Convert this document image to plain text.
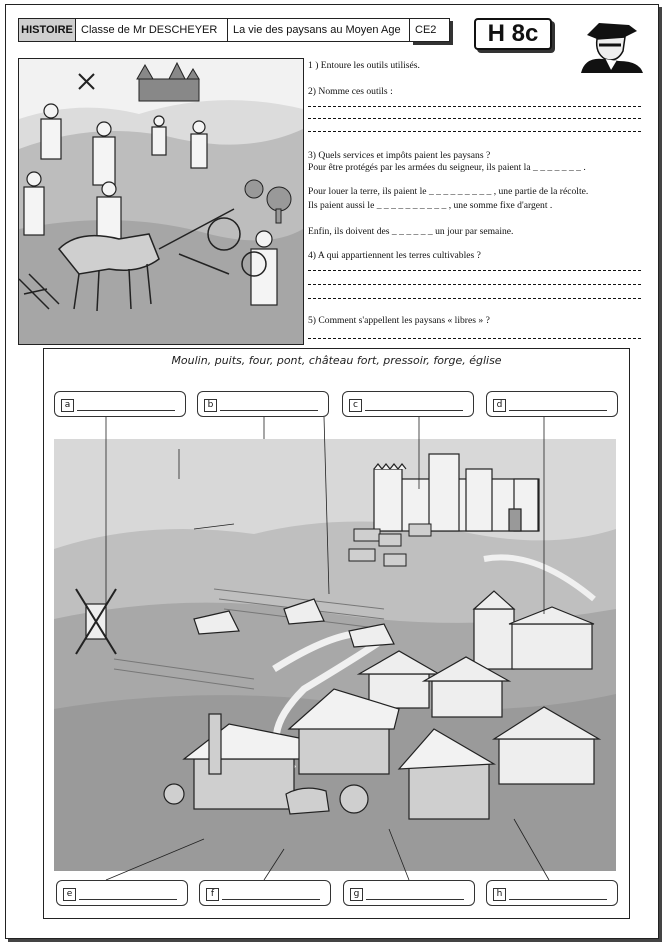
HISTOIRE Classe de Mr DESCHEYER	La vie des paysans au Moyen Age	CE2	H 8c
1 ) Entoure les outils utilisés.
2) Nomme ces outils :
3) Quels services et impôts paient les paysans ?
Pour être protégés par les armées du seigneur, ils paient la _ _ _ _ _ _ _ .
Pour louer la terre, ils paient le _ _ _ _ _ _ _ _ _ , une partie de la récolte.
Ils paient aussi le _ _ _ _ _ _ _ _ _ _ , une somme fixe d'argent .
Enfin, ils doivent des _ _ _ _ _ _ un jour par semaine.
4) A qui appartiennent les terres cultivables ?
5) Comment s'appellent les paysans « libres » ?
Moulin, puits, four, pont, château fort, pressoir, forge, église
a	b	c	d
e	f	g	h
